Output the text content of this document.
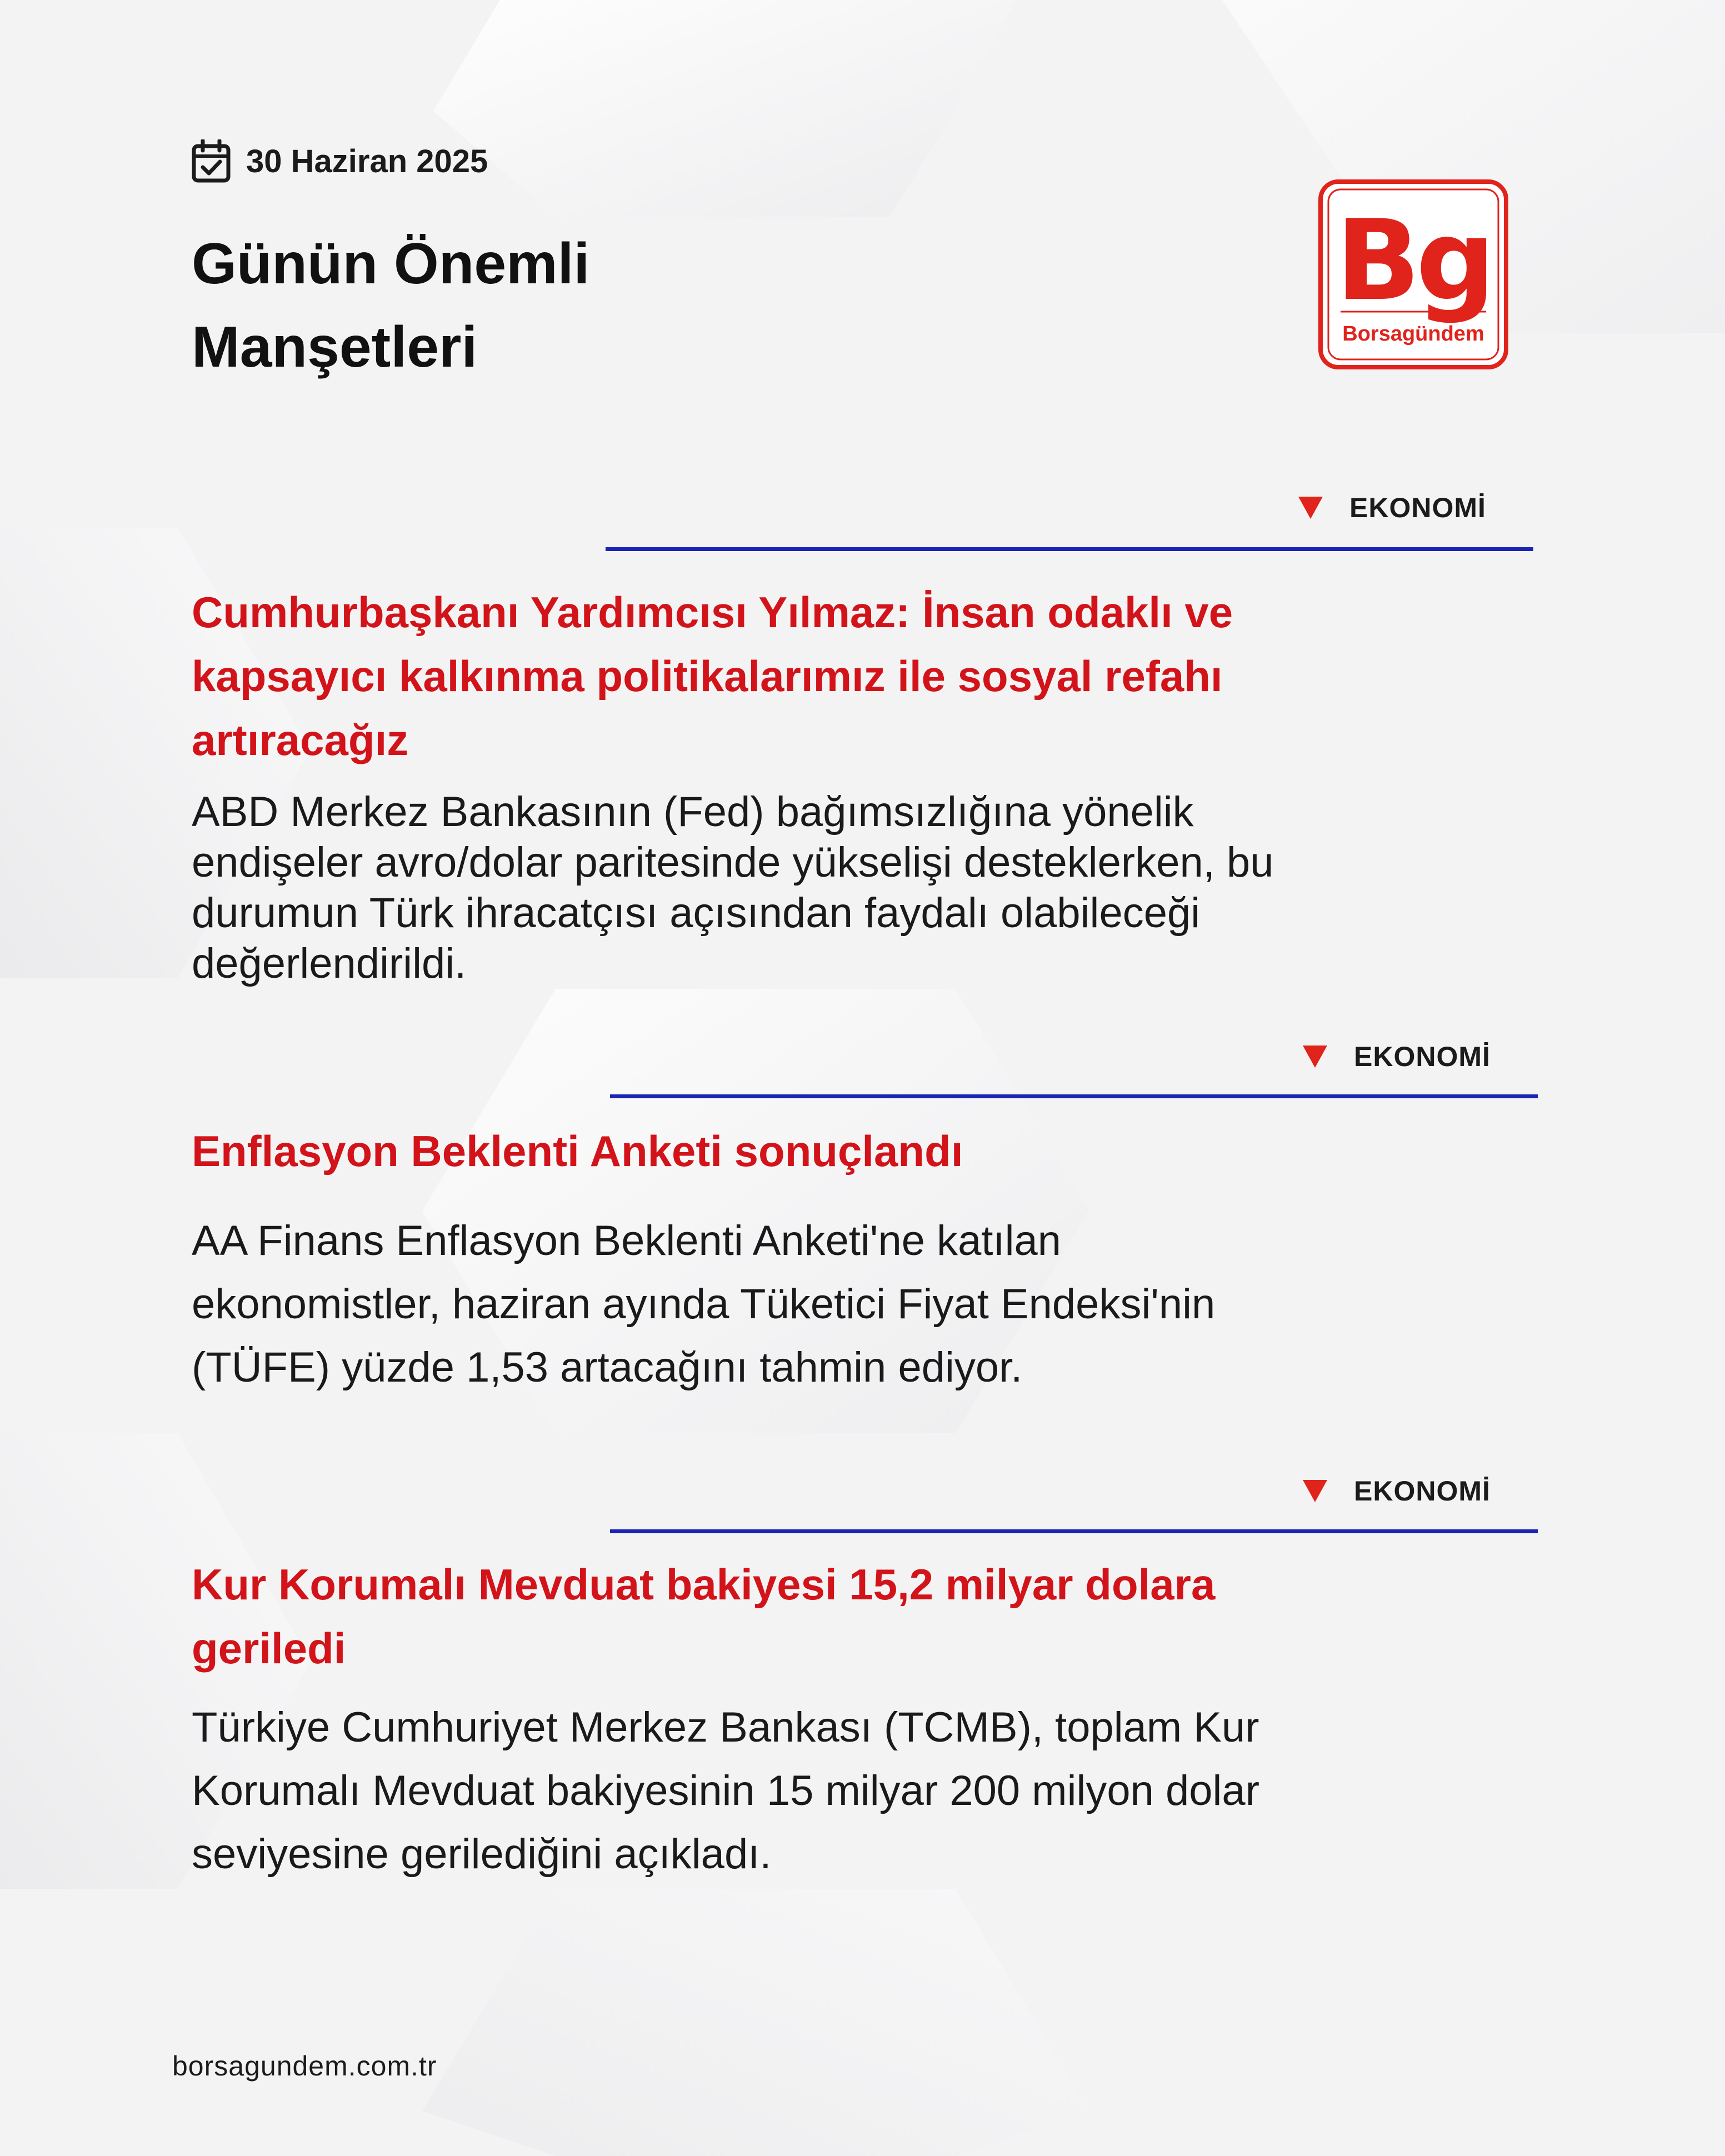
30 Haziran 2025
Günün Önemli
Manşetleri
Bg
Borsagündem
EKONOMİ
Cumhurbaşkanı Yardımcısı Yılmaz: İnsan odaklı ve
kapsayıcı kalkınma politikalarımız ile sosyal refahı
artıracağız
ABD Merkez Bankasının (Fed) bağımsızlığına yönelik
endişeler avro/dolar paritesinde yükselişi desteklerken, bu
durumun Türk ihracatçısı açısından faydalı olabileceği
değerlendirildi.
EKONOMİ
Enflasyon Beklenti Anketi sonuçlandı
AA Finans Enflasyon Beklenti Anketi'ne katılan
ekonomistler, haziran ayında Tüketici Fiyat Endeksi'nin
(TÜFE) yüzde 1,53 artacağını tahmin ediyor.
EKONOMİ
Kur Korumalı Mevduat bakiyesi 15,2 milyar dolara
geriledi
Türkiye Cumhuriyet Merkez Bankası (TCMB), toplam Kur
Korumalı Mevduat bakiyesinin 15 milyar 200 milyon dolar
seviyesine gerilediğini açıkladı.
borsagundem.com.tr
